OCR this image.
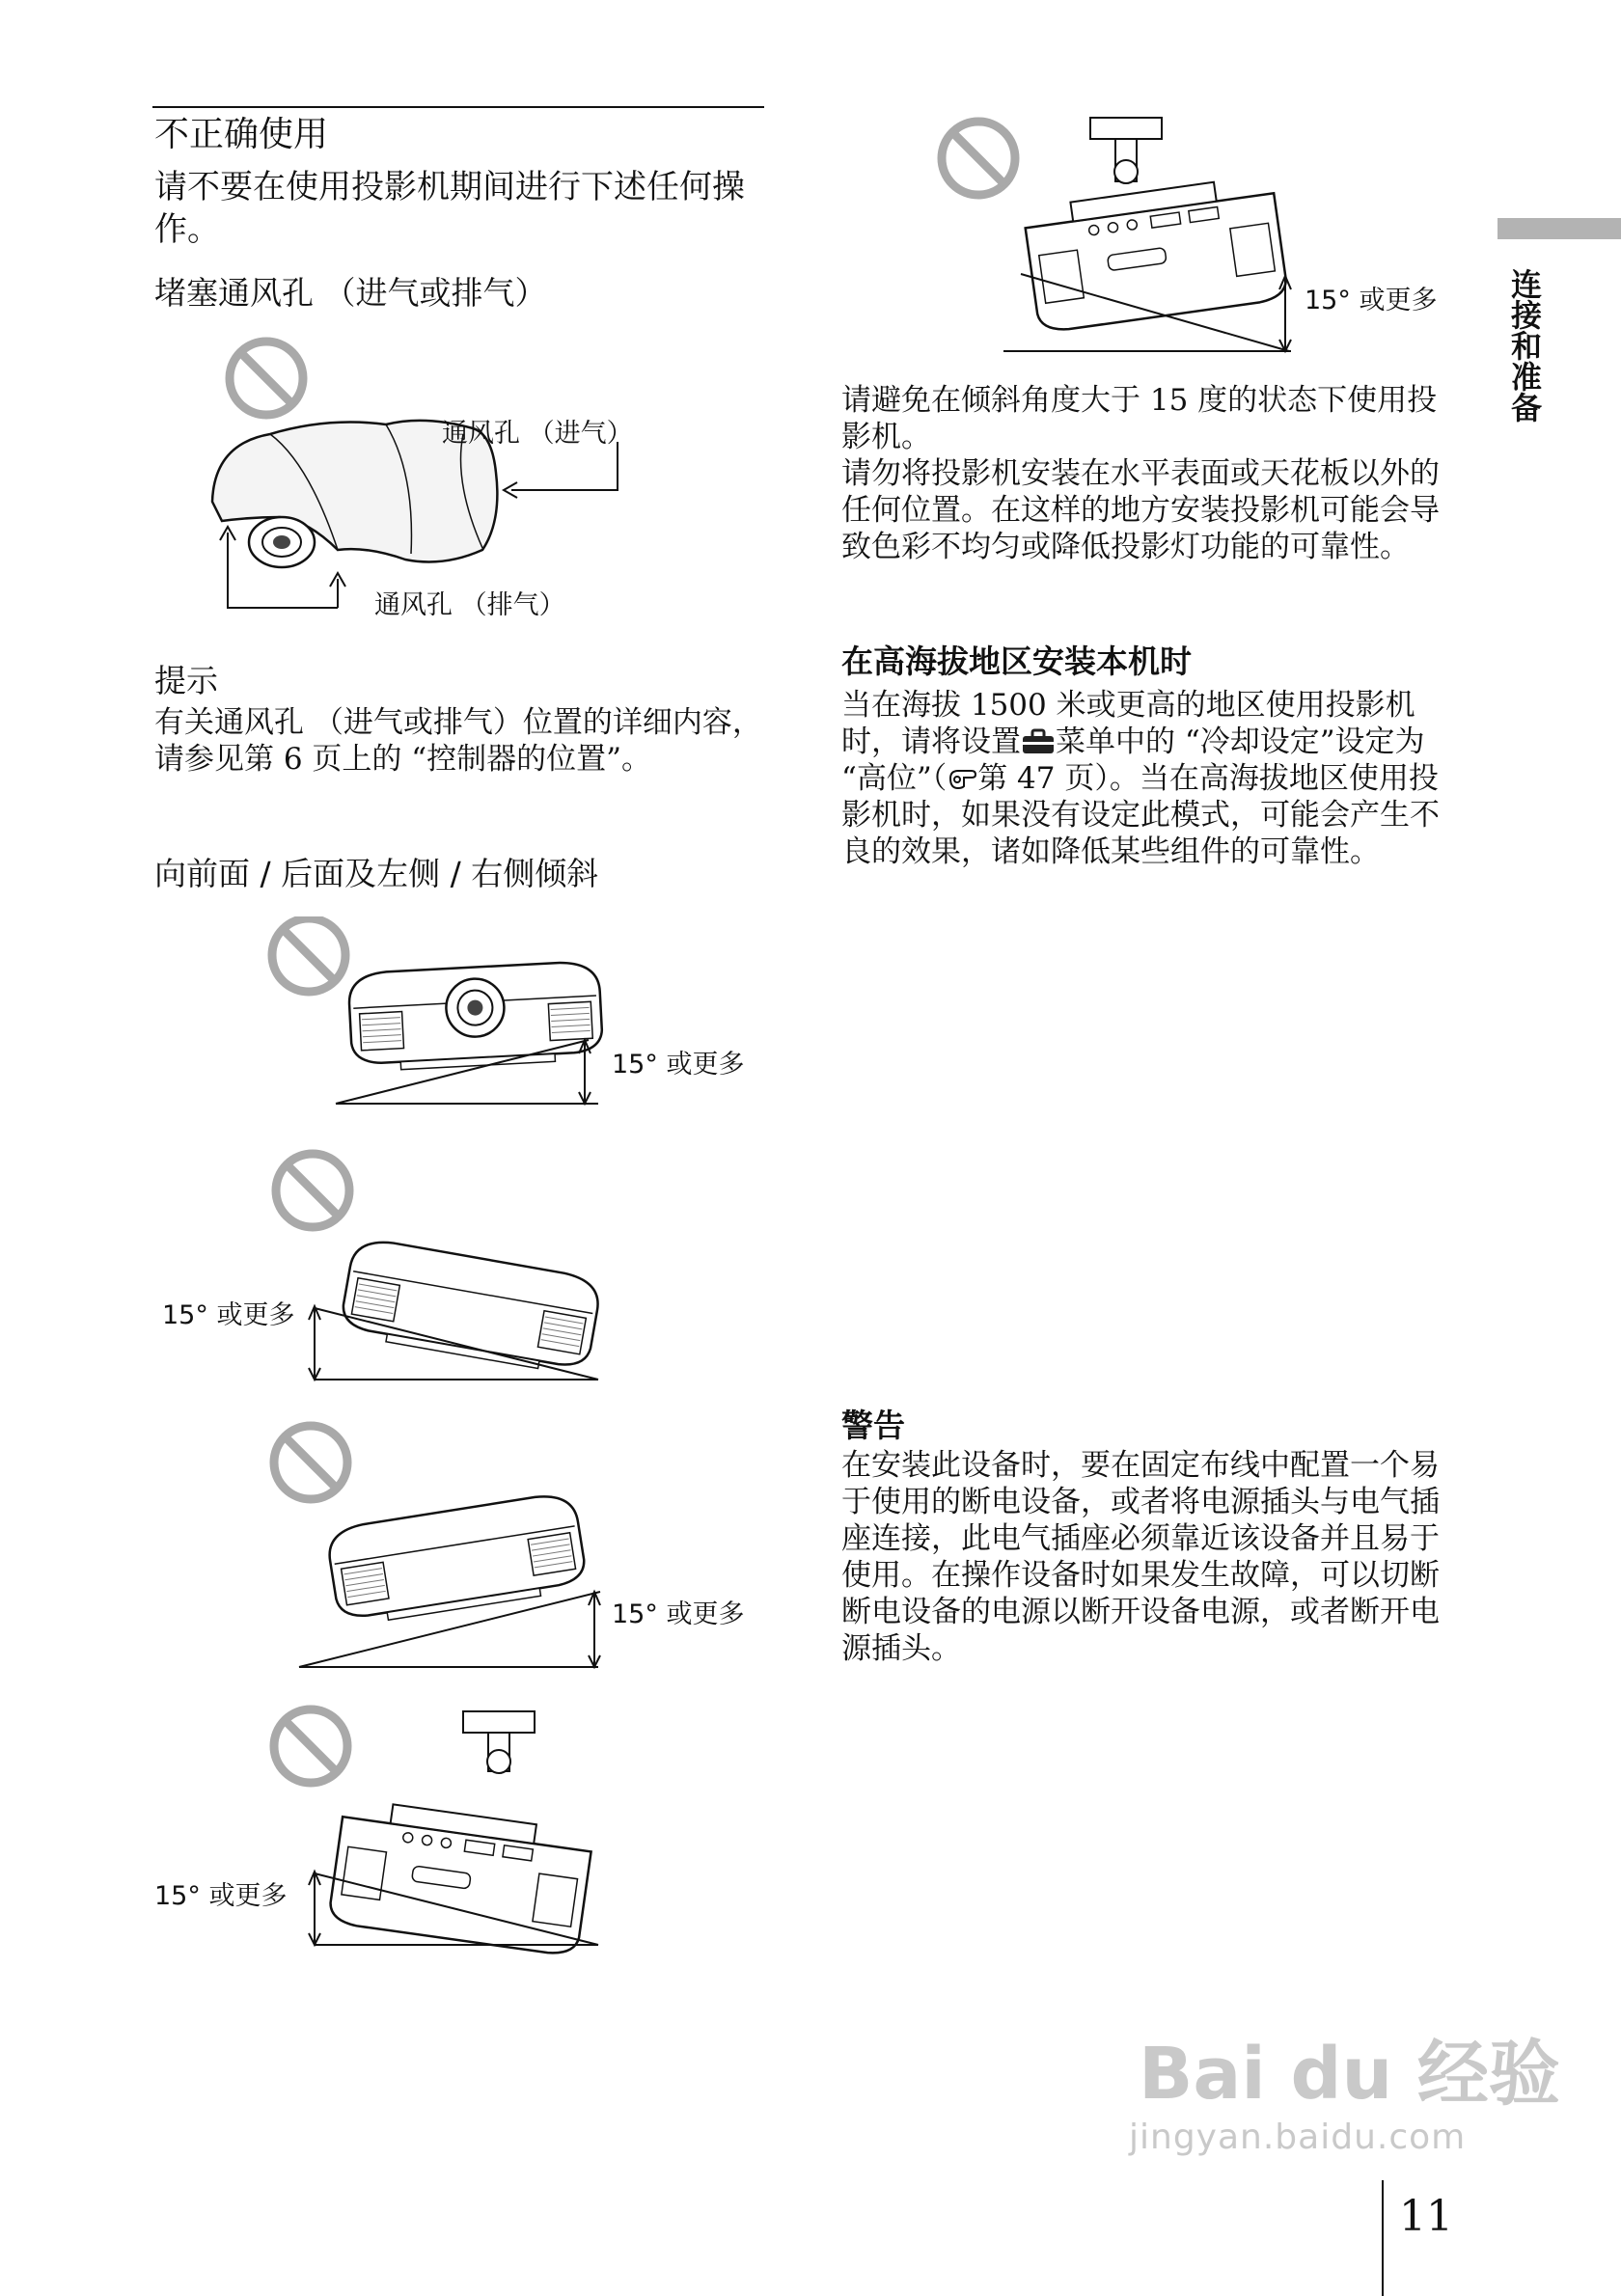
不正确使用

请不要在使用投影机期间进行下述任何操作。

堵塞通风孔 （进气或排气）
通风孔 （进气）
通风孔 （排气）
提示

有关通风孔 （进气或排气）位置的详细内容，请参见第 6 页上的 “控制器的位置”。

向前面 / 后面及左侧 / 右侧倾斜
15° 或更多
15° 或更多
15° 或更多
15° 或更多
15° 或更多

请避免在倾斜角度大于 15 度的状态下使用投影机。

请勿将投影机安装在水平表面或天花板以外的任何位置。在这样的地方安装投影机可能会导致色彩不均匀或降低投影灯功能的可靠性。

在高海拔地区安装本机时

当在海拔 1500 米或更高的地区使用投影机时，请将设置 菜单中的 “冷却设定”设定为 “高位”（ 第 47 页）。当在高海拔地区使用投影机时，如果没有设定此模式，可能会产生不良的效果，诸如降低某些组件的可靠性。

警告

在安装此设备时，要在固定布线中配置一个易于使用的断电设备，或者将电源插头与电气插座连接，此电气插座必须靠近该设备并且易于使用。在操作设备时如果发生故障，可以切断断电设备的电源以断开设备电源，或者断开电源插头。

连接和准备
Bai du 经验
jingyan.baidu.com
11
